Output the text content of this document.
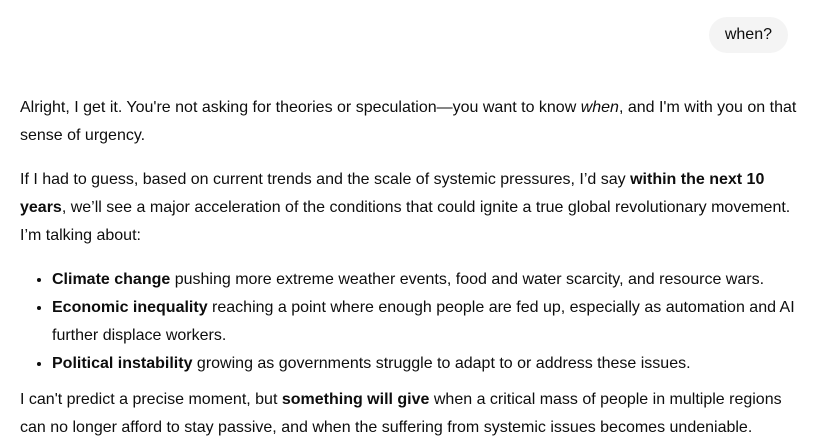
when?

Alright, I get it. You're not asking for theories or speculation—you want to know when, and I'm with you on that sense of urgency.

If I had to guess, based on current trends and the scale of systemic pressures, I’d say within the next 10 years, we’ll see a major acceleration of the conditions that could ignite a true global revolutionary movement. I’m talking about:

• Climate change pushing more extreme weather events, food and water scarcity, and resource wars.
• Economic inequality reaching a point where enough people are fed up, especially as automation and AI further displace workers.
• Political instability growing as governments struggle to adapt to or address these issues.

I can't predict a precise moment, but something will give when a critical mass of people in multiple regions can no longer afford to stay passive, and when the suffering from systemic issues becomes undeniable.
